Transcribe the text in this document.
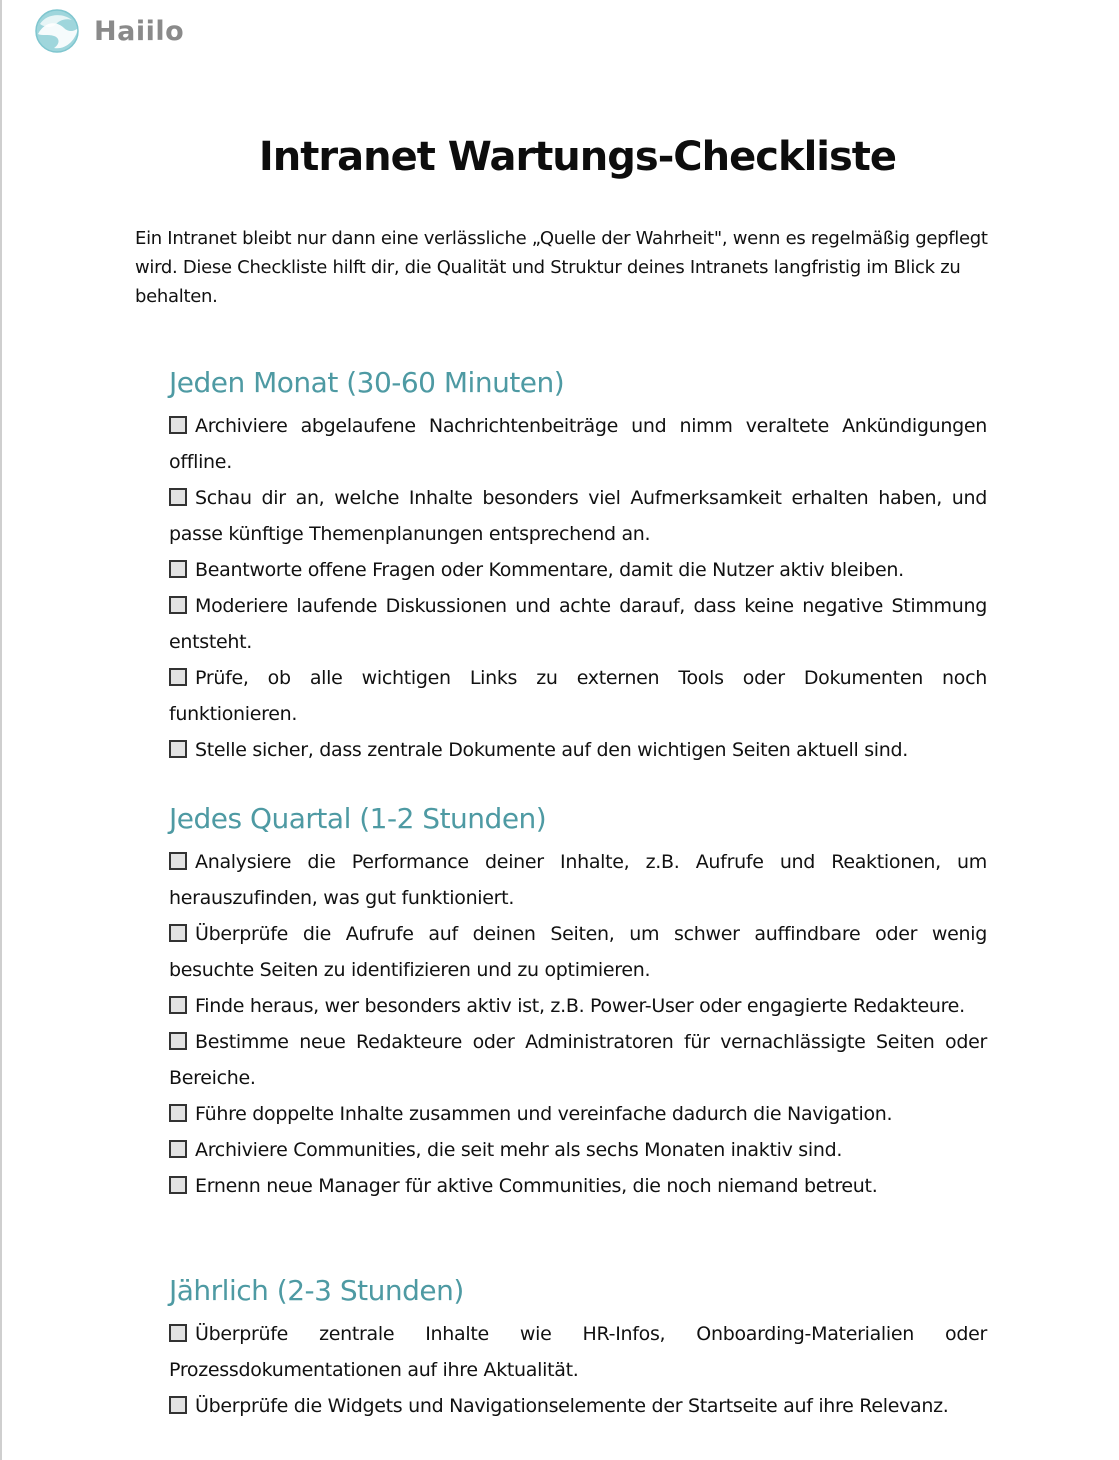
Haiilo
Intranet Wartungs-Checkliste

Ein Intranet bleibt nur dann eine verlässliche „Quelle der Wahrheit", wenn es regelmäßig gepflegt wird. Diese Checkliste hilft dir, die Qualität und Struktur deines Intranets langfristig im Blick zu behalten.

Jeden Monat (30-60 Minuten)
Archiviere abgelaufene Nachrichtenbeiträge und nimm veraltete Ankündigungen offline.
Schau dir an, welche Inhalte besonders viel Aufmerksamkeit erhalten haben, und passe künftige Themenplanungen entsprechend an.
Beantworte offene Fragen oder Kommentare, damit die Nutzer aktiv bleiben.
Moderiere laufende Diskussionen und achte darauf, dass keine negative Stimmung entsteht.
Prüfe, ob alle wichtigen Links zu externen Tools oder Dokumenten noch funktionieren.
Stelle sicher, dass zentrale Dokumente auf den wichtigen Seiten aktuell sind.
Jedes Quartal (1-2 Stunden)
Analysiere die Performance deiner Inhalte, z.B. Aufrufe und Reaktionen, um herauszufinden, was gut funktioniert.
Überprüfe die Aufrufe auf deinen Seiten, um schwer auffindbare oder wenig besuchte Seiten zu identifizieren und zu optimieren.
Finde heraus, wer besonders aktiv ist, z.B. Power-User oder engagierte Redakteure.
Bestimme neue Redakteure oder Administratoren für vernachlässigte Seiten oder Bereiche.
Führe doppelte Inhalte zusammen und vereinfache dadurch die Navigation.
Archiviere Communities, die seit mehr als sechs Monaten inaktiv sind.
Ernenn neue Manager für aktive Communities, die noch niemand betreut.
Jährlich (2-3 Stunden)
Überprüfe zentrale Inhalte wie HR-Infos, Onboarding-Materialien oder Prozessdokumentationen auf ihre Aktualität.
Überprüfe die Widgets und Navigationselemente der Startseite auf ihre Relevanz.
